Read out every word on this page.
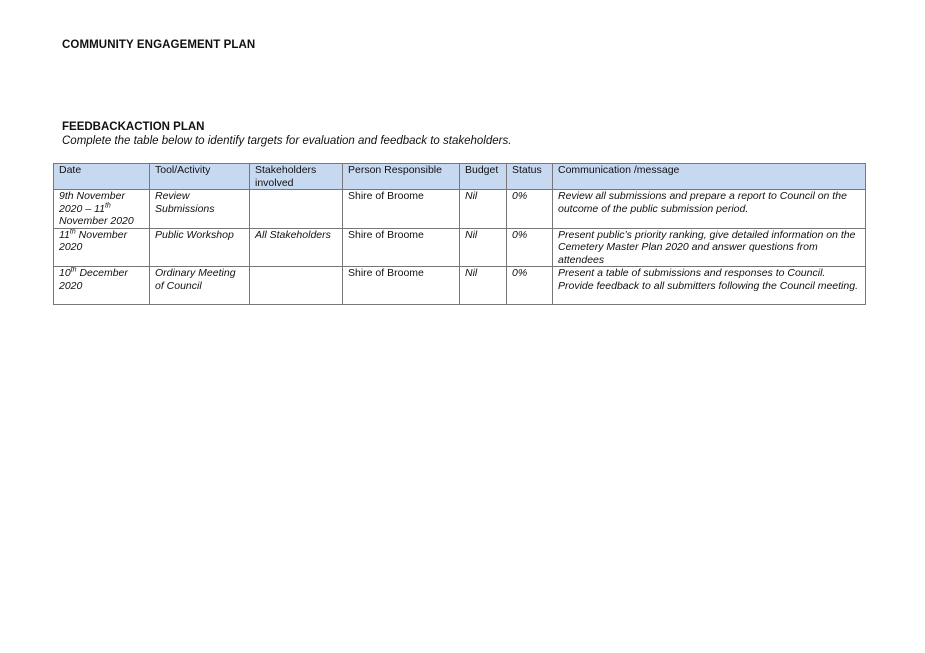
COMMUNITY ENGAGEMENT PLAN
FEEDBACKACTION PLAN
Complete the table below to identify targets for evaluation and feedback to stakeholders.
Date	Tool/Activity	Stakeholders involved	Person Responsible	Budget	Status	Communication /message
9th November 2020 – 11th November 2020	Review Submissions		Shire of Broome	Nil	0%	Review all submissions and prepare a report to Council on the outcome of the public submission period.
11th November 2020	Public Workshop	All Stakeholders	Shire of Broome	Nil	0%	Present public’s priority ranking, give detailed information on the Cemetery Master Plan 2020 and answer questions from attendees
10th December 2020	Ordinary Meeting of Council		Shire of Broome	Nil	0%	Present a table of submissions and responses to Council. Provide feedback to all submitters following the Council meeting.
